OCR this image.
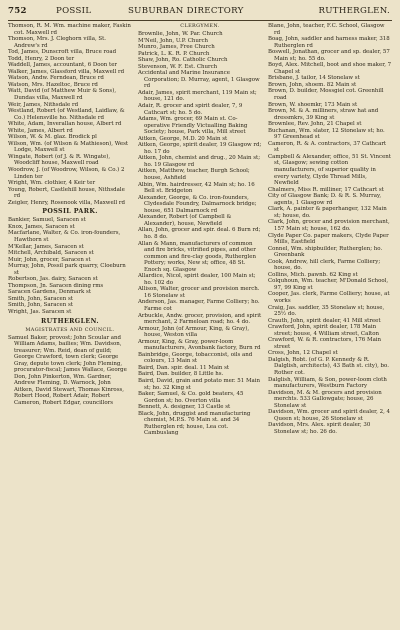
752	POSSIL	SUBURBAN DIRECTORY	RUTHERGLEN.

Thomson, R. M. Wm. machine maker, Faskin cot. Maxwell rd

Thomson, Mrs. J. Cleghorn villa, St. Andrew's rd

Tod, James, Dunscroft villa, Bruce road

Todd, Henry, 2 Doon ter

Waddell, James, accountant, 6 Doon ter

Walker, James, Glassford villa, Maxwell rd

Watson, Andw. Ferndean, Bruce rd

Watson, Mrs. Hazeltoc, Bruce rd

Watt, David (of Matthew Muir & Sons), Dundas villa, Maxwell rd

Weir, James, Nithsdale rd

Westland, Robert (of Westland, Laidlaw, & Co.) Helensville ho. Nithsdale rd

White, Adam, Inverallan house, Albert rd

White, James, Albert rd

Wilson, W. & M. glaz. Brodick pl

Wilson, Wm. (of Wilson & Mathieson), West Lodge, Maxwell st

Wingate, Robert (of J. & R. Wingate), Woodcliff house, Maxwell road

Woodrow, J. (of Woodrow, Wilson, & Co.) 2 Linden ter

Wright, Wm. clothier, 4 Keir ter

Young, Robert, Castlehill house, Nithsdale rd

Zeigler, Henry, Rosenook villa, Maxwell rd

POSSIL PARK.

Bankier, Samuel, Saracen st

Knox, James, Saracen st

Macfarlane, Walter, & Co. iron-founders, Hawthorn st

M'Kellar, James, Saracen st

Mitchell, Archibald, Saracen st

Muir, John, grocer, Saracen st

Murray, John, Possil park quarry, Cloeburn st

Robertson, Jas. dairy, Saracen st

Thompson, Jn. Saracen dining rms

Saracen Gardens, Denmark st

Smith, John, Saracen st

Smith, John, Saracen st

Wright, Jas. Saracen st

RUTHERGLEN.
MAGISTRATES AND COUNCIL.

Samuel Baker, provost; John Scoular and William Adams, bailies; Wm. Davidson, treasurer; Wm. Reid, dean of guild; George Crawford, town clerk; George Gray, depute town clerk; John Fleming, procurator-fiscal; James Wallace, George Don, John Pinkerton, Wm. Gardner, Andrew Fleming, D. Warnock, John Aitken, David Stewart, Thomas Kinross, Robert Hood, Robert Adair, Robert Cameron, Robert Edgar, councillors

CLERGYMEN.

Brownlie, John, W. Par. Church

M'Neil, John, U.P. Church

Munro, James, Free Church

Patrick, L. K. R. P. Church

Shaw, John, Ro. Catholic Church

Stevenson, W. F. Est. Church

Accidental and Marine Insurance Corporation; D. Murray, agent, 1 Glasgow rd

Adair, James, spirit merchant, 119 Main st; house, 121 do.

Adair, R. grocer and spirit dealer, 7, 9 Cathcart st; ho. 5 do.

Adams, Wm. grocer, 69 Main st. Co-operative Friendly Victualling Baking Society; house, Park villa, Mill street

Aitken, George, M.D. 20 Main st

Aitken, George, spirit dealer, 19 Glasgow rd; ho. 17 do

Aitken, John, chemist and drug., 20 Main st; ho. 19 Glasgow rd

Aitken, Matthew, teacher, Burgh School; house, Ashfield

Albin, Wm. hairdresser, 42 Main st; ho. 16 Bell st. Bridgeton

Alexander, George, & Co. iron-founders, Clydesdale Foundry, Dalmarnock bridge; house, 651 Dalmarnock rd

Alexander, Robert (of Campbell & Alexander), house, Newfield

Allan, John, grocer and spir. deal. 6 Burn rd; ho. 8 do.

Allan & Mann, manufacturers of common and fire bricks, vitrified pipes, and other common and fire-clay goods, Rutherglen Pottery; works, New st; office, 48 St. Enoch sq. Glasgow

Allardice, Nicol, spirit dealer, 100 Main st; ho. 102 do

Allison, Walter, grocer and provision merch. 16 Stonelaw st

Anderson, Jas. manager, Farme Colliery; ho. Farme cot

Arbuckle, Andw. grocer, provision, and spirit merchant, 2 Farmeloan road; ho. 4 do.

Armour, John (of Armour, King, & Gray), house, Weston villa

Armour, King, & Gray, power-loom manufacturers, Avonbank factory, Burn rd

Bainbridge, George, tobacconist, oils and colours, 13 Main st

Baird, Dan. spir. deal. 11 Main st

Baird, Dan. builder, 8 Little hs.

Baird, David, grain and potato mer. 51 Main st; ho. 32 King st

Baker, Samuel, & Co. gold beaters, 45 Gordon st; ho. Overton villa

Bennett, A. designer, 13 Castle st

Black, John, druggist and manufacturing chemist, M.P.S. 76 Main st. and 34 Rutherglen rd; house, Lea cot. Cambuslang

Blane, John, teacher, F.C. School, Glasgow rd

Boag, John, saddler and harness maker, 318 Rutherglen rd

Boswell, Jonathan, grocer and sp. dealer, 57 Main st; ho. 55 do.

Boyd, Alex. Mitchell, boot and shoe maker, 7 Chapel st

Brisbane, J. tailor, 14 Stonelaw st

Brown, John, shoem. 82 Main st

Brown, D. builder, Mossgiel cot. Greenhill road

Brown, W. shoemkr, 173 Main st

Brown, M. & A. milliners, straw hat and dressmkrs, 39 King st

Brownlee, Rev. John, 21 Chapel st

Buchanan, Wm. slater, 12 Stonelaw st; ho. 97 Greenhead st

Cameron, R. & A. contractors, 37 Cathcart st

Campbell & Alexander, office, 51 St. Vincent st, Glasgow; sewing cotton manufacturers, of superior quality in every variety, Clyde Thread Mills, Newfield

Chalmers, Miss R. milliner, 17 Cathcart st

City of Glasgow Bank; D. & R. S. Murray, agents, 1 Glasgow rd

Clark, A. painter & paperhanger, 132 Main st; house, do.

Clark, John, grocer and provision merchant, 157 Main st; house, 162 do.

Clyde Paper Co. paper makers, Clyde Paper Mills, Eastfield

Connel, Wm. shipbuilder, Rutherglen; ho. Greenbank

Cook, Andrew, hill clerk, Farme Colliery; house, do.

Collins, Mich. pawnb. 62 King st

Colquhoun, Wm. teacher, M'Donald School, 97, 99 King st

Cooper, Jas. clerk, Farme Colliery; house, at works

Craig, Jas. saddler, 35 Stonelaw st; house, 25½ do.

Crauth, John, spirit dealer, 41 Mill street

Crawford, John, spirit dealer, 178 Main street; house, 4 William street, Calton

Crawford, W. & R. contractors, 176 Main street

Cross, John, 12 Chapel st

Dalgish, Robt. (of G. P. Kennedy & R. Dalglish, architects), 43 Bath st. city), bo. Rother cot.

Dalglish, William, & Son, power-loom cloth manufacturers, Westburn Factory

Davidson, M. & M. grocers and provision merchts. 533 Gallowgate; house, 26 Stonelaw st

Davidson, Wm. grocer and spirit dealer, 2, 4 Queen st; house, 26 Stonelaw st

Davidson, Mrs. Alex. spirit dealer, 30 Stonelaw st; ho. 26 do.
